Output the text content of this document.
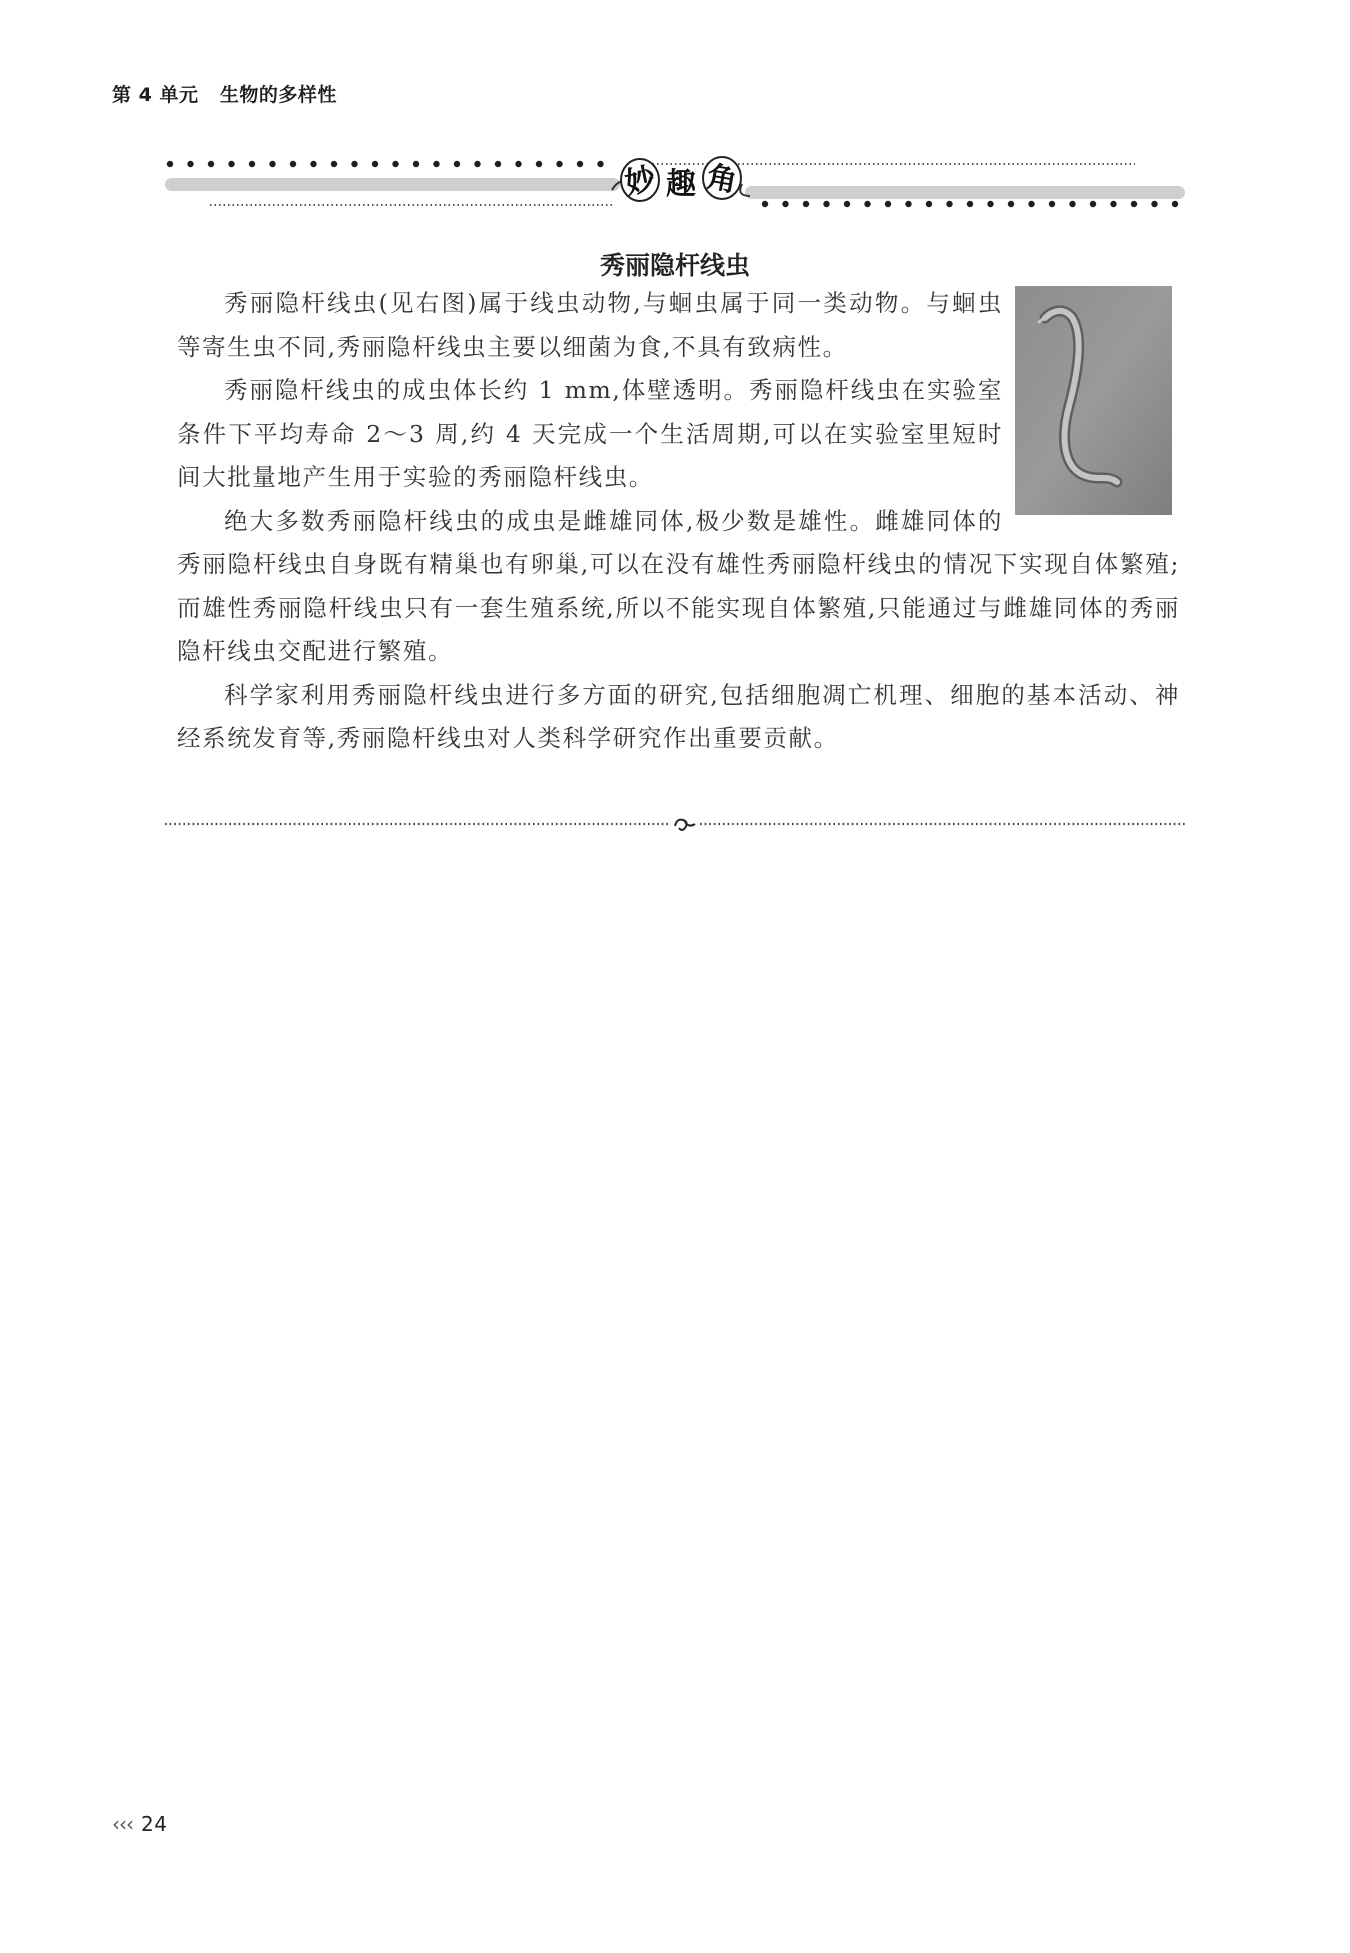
第 4 单元 生物的多样性
妙 趣 角
秀丽隐杆线虫

秀丽隐杆线虫(见右图)属于线虫动物,与蛔虫属于同一类动物。与蛔虫等寄生虫不同,秀丽隐杆线虫主要以细菌为食,不具有致病性。

秀丽隐杆线虫的成虫体长约 1 mm,体壁透明。秀丽隐杆线虫在实验室条件下平均寿命 2～3 周,约 4 天完成一个生活周期,可以在实验室里短时间大批量地产生用于实验的秀丽隐杆线虫。

绝大多数秀丽隐杆线虫的成虫是雌雄同体,极少数是雄性。雌雄同体的秀丽隐杆线虫自身既有精巢也有卵巢,可以在没有雄性秀丽隐杆线虫的情况下实现自体繁殖;而雄性秀丽隐杆线虫只有一套生殖系统,所以不能实现自体繁殖,只能通过与雌雄同体的秀丽隐杆线虫交配进行繁殖。

科学家利用秀丽隐杆线虫进行多方面的研究,包括细胞凋亡机理、细胞的基本活动、神经系统发育等,秀丽隐杆线虫对人类科学研究作出重要贡献。

‹‹‹ 24
